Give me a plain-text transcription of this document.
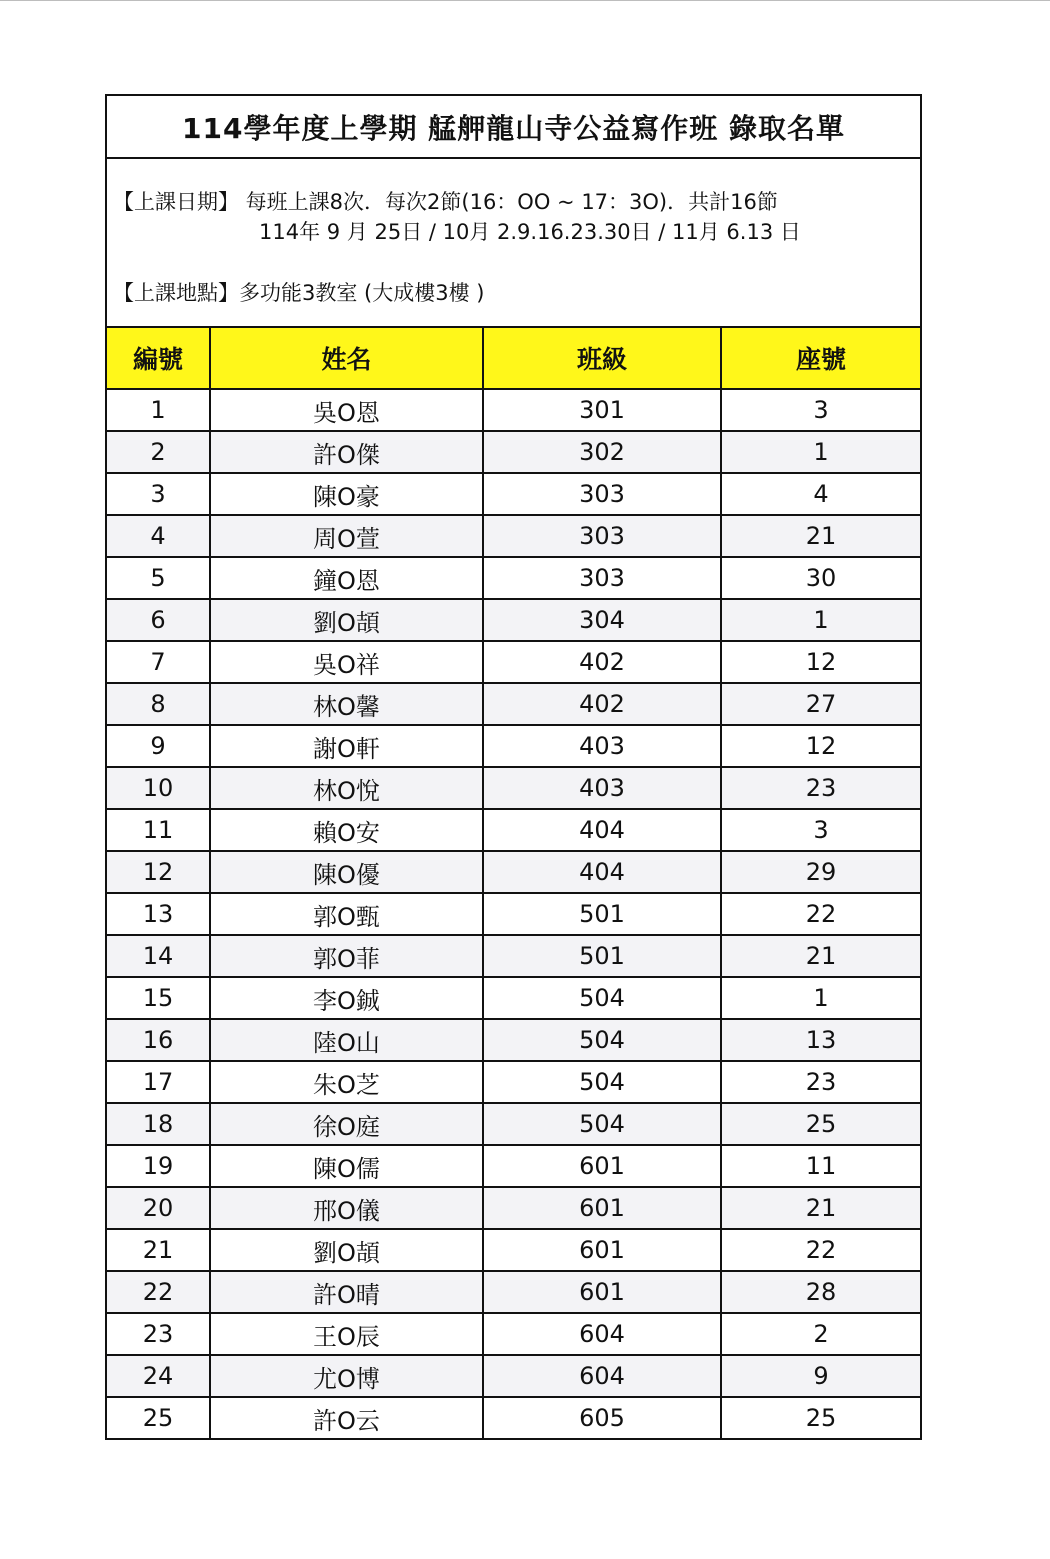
114學年度上學期 艋舺龍山寺公益寫作班 錄取名單
【上課日期】 每班上課8次．每次2節(16：OO ~ 17：3O)．共計16節
114年 9 月 25日 / 10月 2.9.16.23.30日 / 11月 6.13 日
【上課地點】多功能3教室 (大成樓3樓 )
編號	姓名	班級	座號
1	吳O恩	301	3
2	許O傑	302	1
3	陳O豪	303	4
4	周O萱	303	21
5	鐘O恩	303	30
6	劉O頡	304	1
7	吳O祥	402	12
8	林O馨	402	27
9	謝O軒	403	12
10	林O悅	403	23
11	賴O安	404	3
12	陳O優	404	29
13	郭O甄	501	22
14	郭O菲	501	21
15	李O鋮	504	1
16	陸O山	504	13
17	朱O芝	504	23
18	徐O庭	504	25
19	陳O儒	601	11
20	邢O儀	601	21
21	劉O頡	601	22
22	許O晴	601	28
23	王O辰	604	2
24	尤O博	604	9
25	許O云	605	25
